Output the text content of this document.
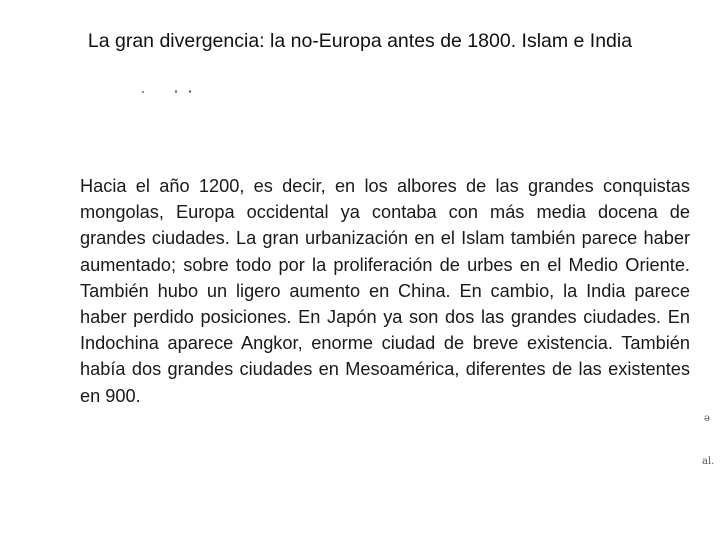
La gran divergencia: la no-Europa antes de 1800. Islam e India

Hacia el año 1200, es decir, en los albores de las grandes conquistas mongolas, Europa occidental ya contaba con más media docena de grandes ciudades. La gran urbanización en el Islam también parece haber aumentado; sobre todo por la proliferación de urbes en el Medio Oriente. También hubo un ligero aumento en China. En cambio, la India parece haber perdido posiciones. En Japón ya son dos las grandes ciudades. En Indochina aparece Angkor, enorme ciudad de breve existencia. También había dos grandes ciudades en Mesoamérica, diferentes de las existentes en 900.

ə
al.
